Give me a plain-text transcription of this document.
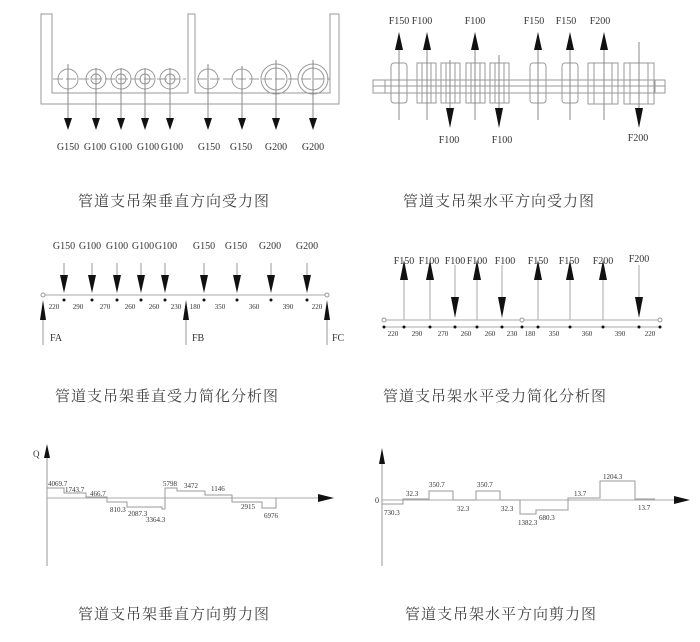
G150 G100 G100 G100 G100 G150 G150 G200 G200
管道支吊架垂直方向受力图
F150 F100	F100	F150 F150 F200
F100	F100	F200
管道支吊架水平方向受力图
G150 G100 G100 G100 G100 G150 G150 G200 G200
220 290 270 260 260 230 180 350	360	390	220
FA	FB	FC
管道支吊架垂直受力简化分析图
F150 F100 F100 F100 F100 F150 F150 F200 F200
220 290 270 260 260 230 180 350	360	390	220
管道支吊架水平受力简化分析图
Q
4069.7
1743.7 466.7
5798 3472 1146
810.3 2087.3
3364.3
2915
6976
管道支吊架垂直方向剪力图
0
730.3
32.3
350.7
32.3
350.7
32.3
1382.3
680.3
13.7
1204.3
13.7
管道支吊架水平方向剪力图
